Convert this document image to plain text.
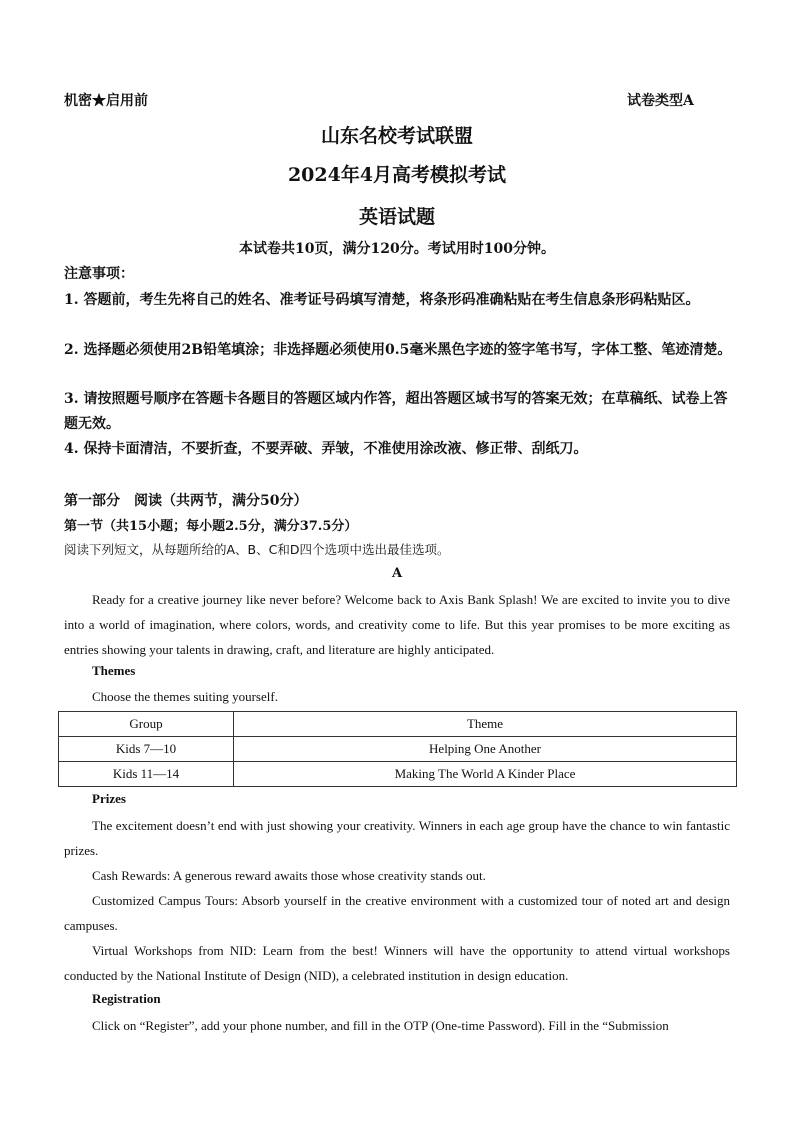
机密★启用前	试卷类型A
山东名校考试联盟
2024年4月高考模拟考试
英语试题
本试卷共10页，满分120分。考试用时100分钟。
注意事项：
1. 答题前，考生先将自己的姓名、准考证号码填写清楚，将条形码准确粘贴在考生信息条形码粘贴区。
2. 选择题必须使用2B铅笔填涂；非选择题必须使用0.5毫米黑色字迹的签字笔书写，字体工整、笔迹清楚。
3. 请按照题号顺序在答题卡各题目的答题区域内作答，超出答题区域书写的答案无效；在草稿纸、试卷上答题无效。
4. 保持卡面清洁，不要折查，不要弄破、弄皱，不准使用涂改液、修正带、刮纸刀。
第一部分　阅读（共两节，满分50分）
第一节（共15小题；每小题2.5分，满分37.5分）
阅读下列短文，从每题所给的A、B、C和D四个选项中选出最佳选项。
A
Ready for a creative journey like never before? Welcome back to Axis Bank Splash! We are excited to invite you to dive into a world of imagination, where colors, words, and creativity come to life. But this year promises to be more exciting as entries showing your talents in drawing, craft, and literature are highly anticipated.
Themes
Choose the themes suiting yourself.
Group	Theme
Kids 7—10	Helping One Another
Kids 11—14	Making The World A Kinder Place
Prizes
The excitement doesn’t end with just showing your creativity. Winners in each age group have the chance to win fantastic prizes.
Cash Rewards: A generous reward awaits those whose creativity stands out.
Customized Campus Tours: Absorb yourself in the creative environment with a customized tour of noted art and design campuses.
Virtual Workshops from NID: Learn from the best! Winners will have the opportunity to attend virtual workshops conducted by the National Institute of Design (NID), a celebrated institution in design education.
Registration
Click on “Register”, add your phone number, and fill in the OTP (One-time Password). Fill in the “Submission
